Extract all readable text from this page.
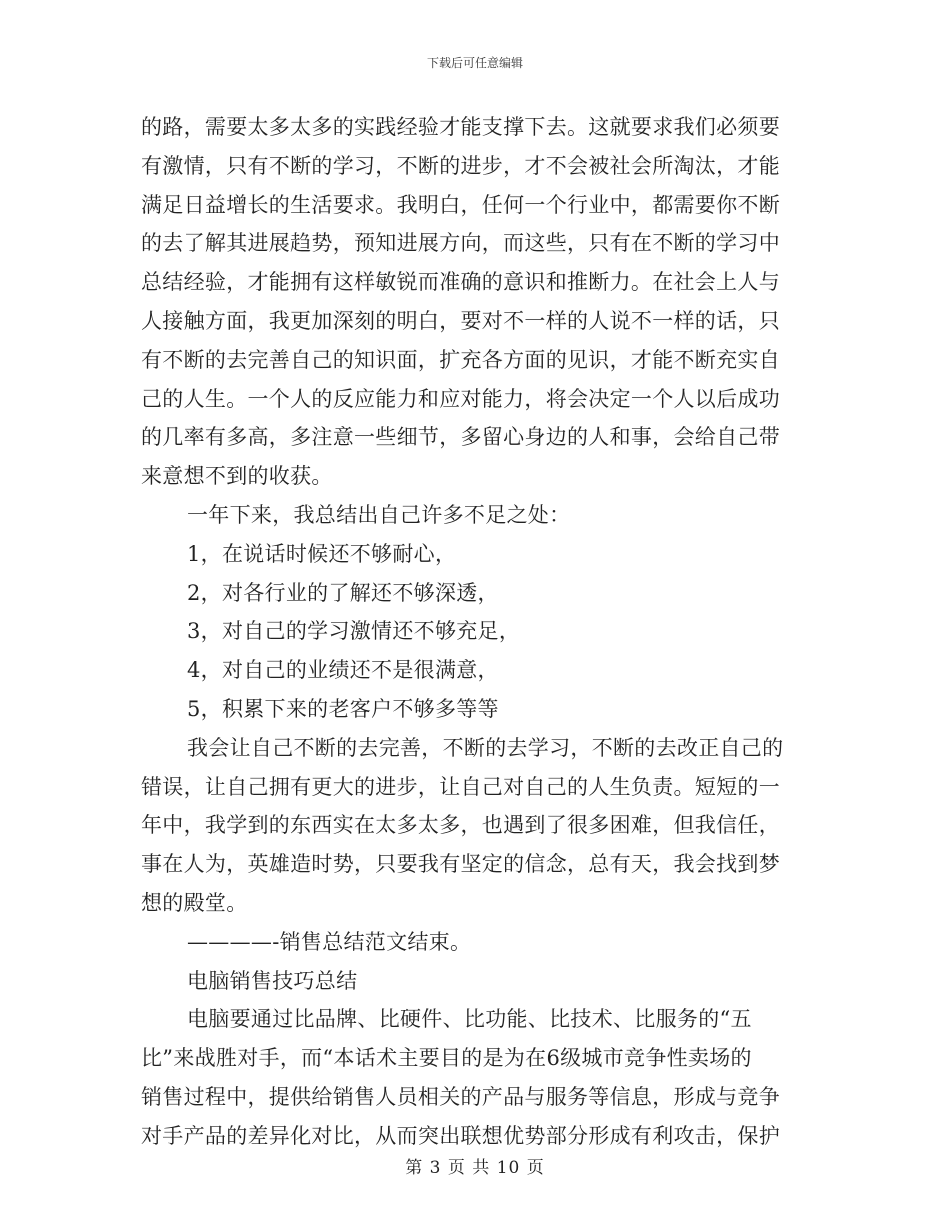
下载后可任意编辑
的路，需要太多太多的实践经验才能支撑下去。这就要求我们必须要
有激情，只有不断的学习，不断的进步，才不会被社会所淘汰，才能
满足日益增长的生活要求。我明白，任何一个行业中，都需要你不断
的去了解其进展趋势，预知进展方向，而这些，只有在不断的学习中
总结经验，才能拥有这样敏锐而准确的意识和推断力。在社会上人与
人接触方面，我更加深刻的明白，要对不一样的人说不一样的话，只
有不断的去完善自己的知识面，扩充各方面的见识，才能不断充实自
己的人生。一个人的反应能力和应对能力，将会决定一个人以后成功
的几率有多高，多注意一些细节，多留心身边的人和事，会给自己带
来意想不到的收获。
一年下来，我总结出自己许多不足之处：
1，在说话时候还不够耐心，
2，对各行业的了解还不够深透，
3，对自己的学习激情还不够充足，
4，对自己的业绩还不是很满意，
5，积累下来的老客户不够多等等
我会让自己不断的去完善，不断的去学习，不断的去改正自己的
错误，让自己拥有更大的进步，让自己对自己的人生负责。短短的一
年中，我学到的东西实在太多太多，也遇到了很多困难，但我信任，
事在人为，英雄造时势，只要我有坚定的信念，总有天，我会找到梦
想的殿堂。
————-销售总结范文结束。
电脑销售技巧总结
电脑要通过比品牌、比硬件、比功能、比技术、比服务的“五
比”来战胜对手，而“本话术主要目的是为在6级城市竞争性卖场的
销售过程中，提供给销售人员相关的产品与服务等信息，形成与竞争
对手产品的差异化对比，从而突出联想优势部分形成有利攻击，保护
第 3 页 共 10 页
